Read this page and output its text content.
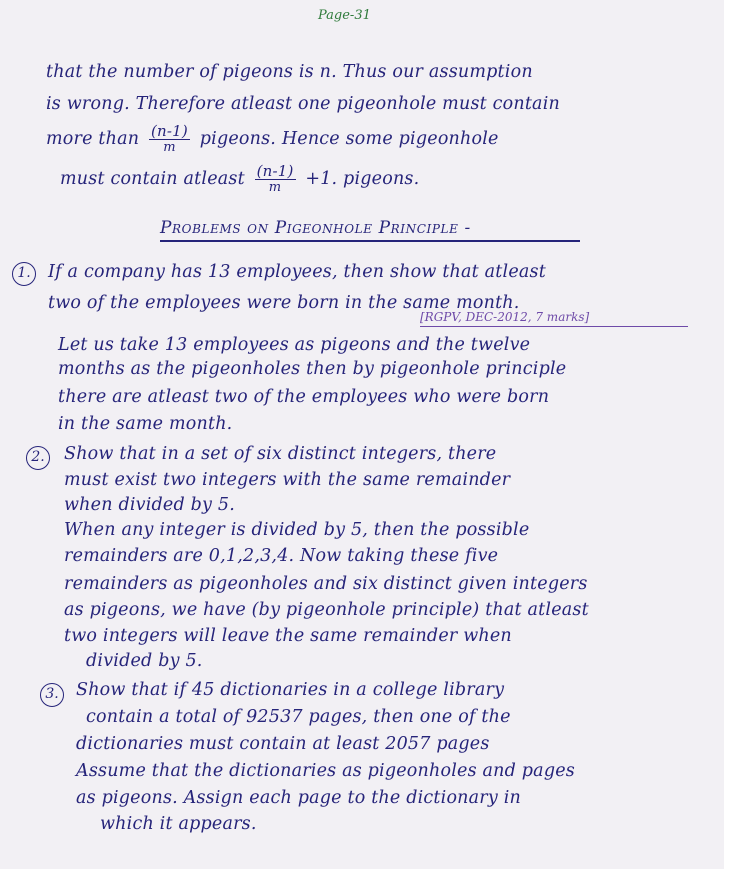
Page-31
that the number of pigeons is n. Thus our assumption
is wrong. Therefore atleast one pigeonhole must contain
more than $\frac{(n-1)}{m}$ pigeons. Hence some pigeonhole
must contain atleast $\frac{(n-1)}{m} +1$. pigeons.
Problems on Pigeonhole Principle -
1. If a company has 13 employees, then show that atleast
two of the employees were born in the same month.
[RGPV, DEC-2012, 7 marks]
Let us take 13 employees as pigeons and the twelve
months as the pigeonholes then by pigeonhole principle
there are atleast two of the employees who were born
in the same month.
2.	Show that in a set of six distinct integers, there
must exist two integers with the same remainder
when divided by 5.
When any integer is divided by 5, then the possible
remainders are 0,1,2,3,4. Now taking these five
remainders as pigeonholes and six distinct given integers
as pigeons, we have (by pigeonhole principle) that atleast
two integers will leave the same remainder when
divided by 5.
3. Show that if 45 dictionaries in a college library
contain a total of 92537 pages, then one of the
dictionaries must contain at least 2057 pages
Assume that the dictionaries as pigeonholes and pages
as pigeons. Assign each page to the dictionary in
which it appears.
